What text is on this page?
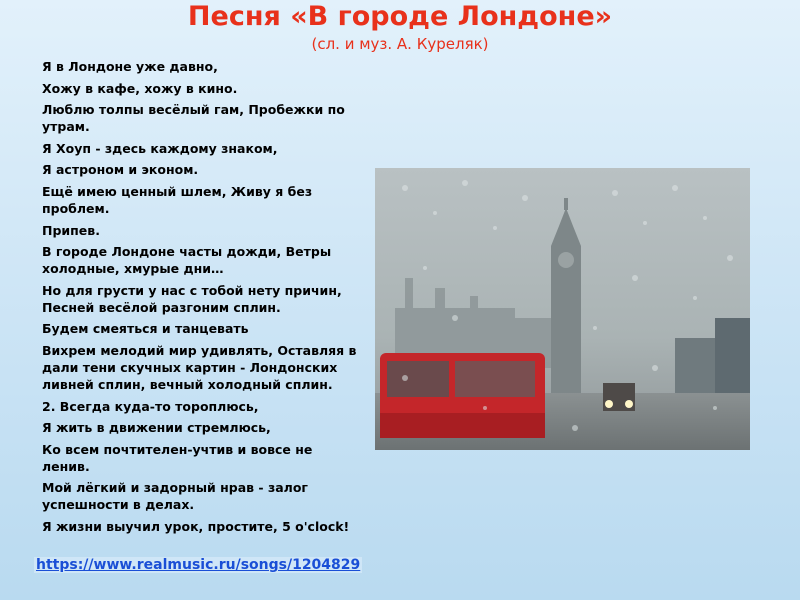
Песня «В городе Лондоне»
(сл. и муз. А. Куреляк)

Я в Лондоне уже давно,

Хожу в кафе, хожу в кино.

Люблю толпы весёлый гам, Пробежки по утрам.

Я Хоуп - здесь каждому знаком,

Я астроном и эконом.

Ещё имею ценный шлем, Живу я без проблем.

Припев.

В городе Лондоне часты дожди, Ветры холодные, хмурые дни…

Но для грусти у нас с тобой нету причин, Песней весёлой разгоним сплин.

Будем смеяться и танцевать

Вихрем мелодий мир удивлять, Оставляя в дали тени скучных картин - Лондонских ливней сплин, вечный холодный сплин.

2. Всегда куда-то тороплюсь,

Я жить в движении стремлюсь,

Ко всем почтителен-учтив и вовсе не ленив.

Мой лёгкий и задорный нрав - залог успешности в делах.

Я жизни выучил урок, простите, 5 o'clock!

https://www.realmusic.ru/songs/1204829
